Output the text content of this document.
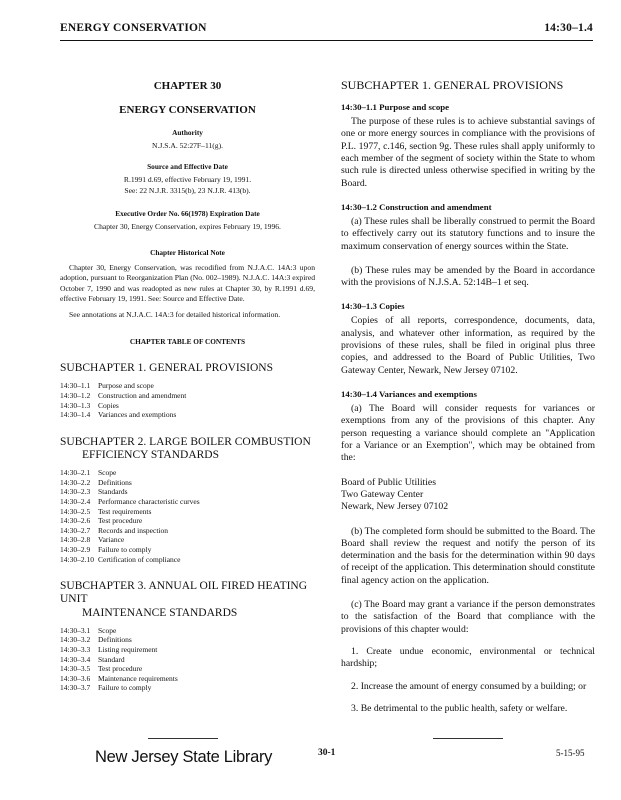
ENERGY CONSERVATION	14:30–1.4
CHAPTER 30
ENERGY CONSERVATION
Authority
N.J.S.A. 52:27F–11(g).
Source and Effective Date
R.1991 d.69, effective February 19, 1991.
See: 22 N.J.R. 3315(b), 23 N.J.R. 413(b).
Executive Order No. 66(1978) Expiration Date
Chapter 30, Energy Conservation, expires February 19, 1996.
Chapter Historical Note
Chapter 30, Energy Conservation, was recodified from N.J.A.C. 14A:3 upon adoption, pursuant to Reorganization Plan (No. 002–1989). N.J.A.C. 14A:3 expired October 7, 1990 and was readopted as new rules at Chapter 30, by R.1991 d.69, effective February 19, 1991. See: Source and Effective Date.
See annotations at N.J.A.C. 14A:3 for detailed historical information.
CHAPTER TABLE OF CONTENTS
SUBCHAPTER 1. GENERAL PROVISIONS
14:30–1.1	Purpose and scope
14:30–1.2	Construction and amendment
14:30–1.3	Copies
14:30–1.4	Variances and exemptions
SUBCHAPTER 2. LARGE BOILER COMBUSTION
EFFICIENCY STANDARDS
14:30–2.1	Scope
14:30–2.2	Definitions
14:30–2.3	Standards
14:30–2.4	Performance characteristic curves
14:30–2.5	Test requirements
14:30–2.6	Test procedure
14:30–2.7	Records and inspection
14:30–2.8	Variance
14:30–2.9	Failure to comply
14:30–2.10 Certification of compliance
SUBCHAPTER 3. ANNUAL OIL FIRED HEATING UNIT
MAINTENANCE STANDARDS
14:30–3.1	Scope
14:30–3.2	Definitions
14:30–3.3	Listing requirement
14:30–3.4	Standard
14:30–3.5	Test procedure
14:30–3.6	Maintenance requirements
14:30–3.7	Failure to comply
SUBCHAPTER 1. GENERAL PROVISIONS
14:30–1.1 Purpose and scope
The purpose of these rules is to achieve substantial savings of one or more energy sources in compliance with the provisions of P.L. 1977, c.146, section 9g. These rules shall apply uniformly to each member of the segment of society within the State to whom such rule is directed unless otherwise specified in writing by the Board.
14:30–1.2 Construction and amendment
(a) These rules shall be liberally construed to permit the Board to effectively carry out its statutory functions and to insure the maximum conservation of energy sources within the State.
(b) These rules may be amended by the Board in accordance with the provisions of N.J.S.A. 52:14B–1 et seq.
14:30–1.3 Copies
Copies of all reports, correspondence, documents, data, analysis, and whatever other information, as required by the provisions of these rules, shall be filed in original plus three copies, and addressed to the Board of Public Utilities, Two Gateway Center, Newark, New Jersey 07102.
14:30–1.4 Variances and exemptions
(a) The Board will consider requests for variances or exemptions from any of the provisions of this chapter. Any person requesting a variance should complete an "Application for a Variance or an Exemption", which may be obtained from the:
Board of Public Utilities
Two Gateway Center
Newark, New Jersey 07102
(b) The completed form should be submitted to the Board. The Board shall review the request and notify the person of its determination and the basis for the determination within 90 days of receipt of the application. This determination should constitute final agency action on the application.
(c) The Board may grant a variance if the person demonstrates to the satisfaction of the Board that compliance with the provisions of this chapter would:
1. Create undue economic, environmental or technical hardship;
2. Increase the amount of energy consumed by a building; or
3. Be detrimental to the public health, safety or welfare.
New Jersey State Library	30-1	5-15-95
